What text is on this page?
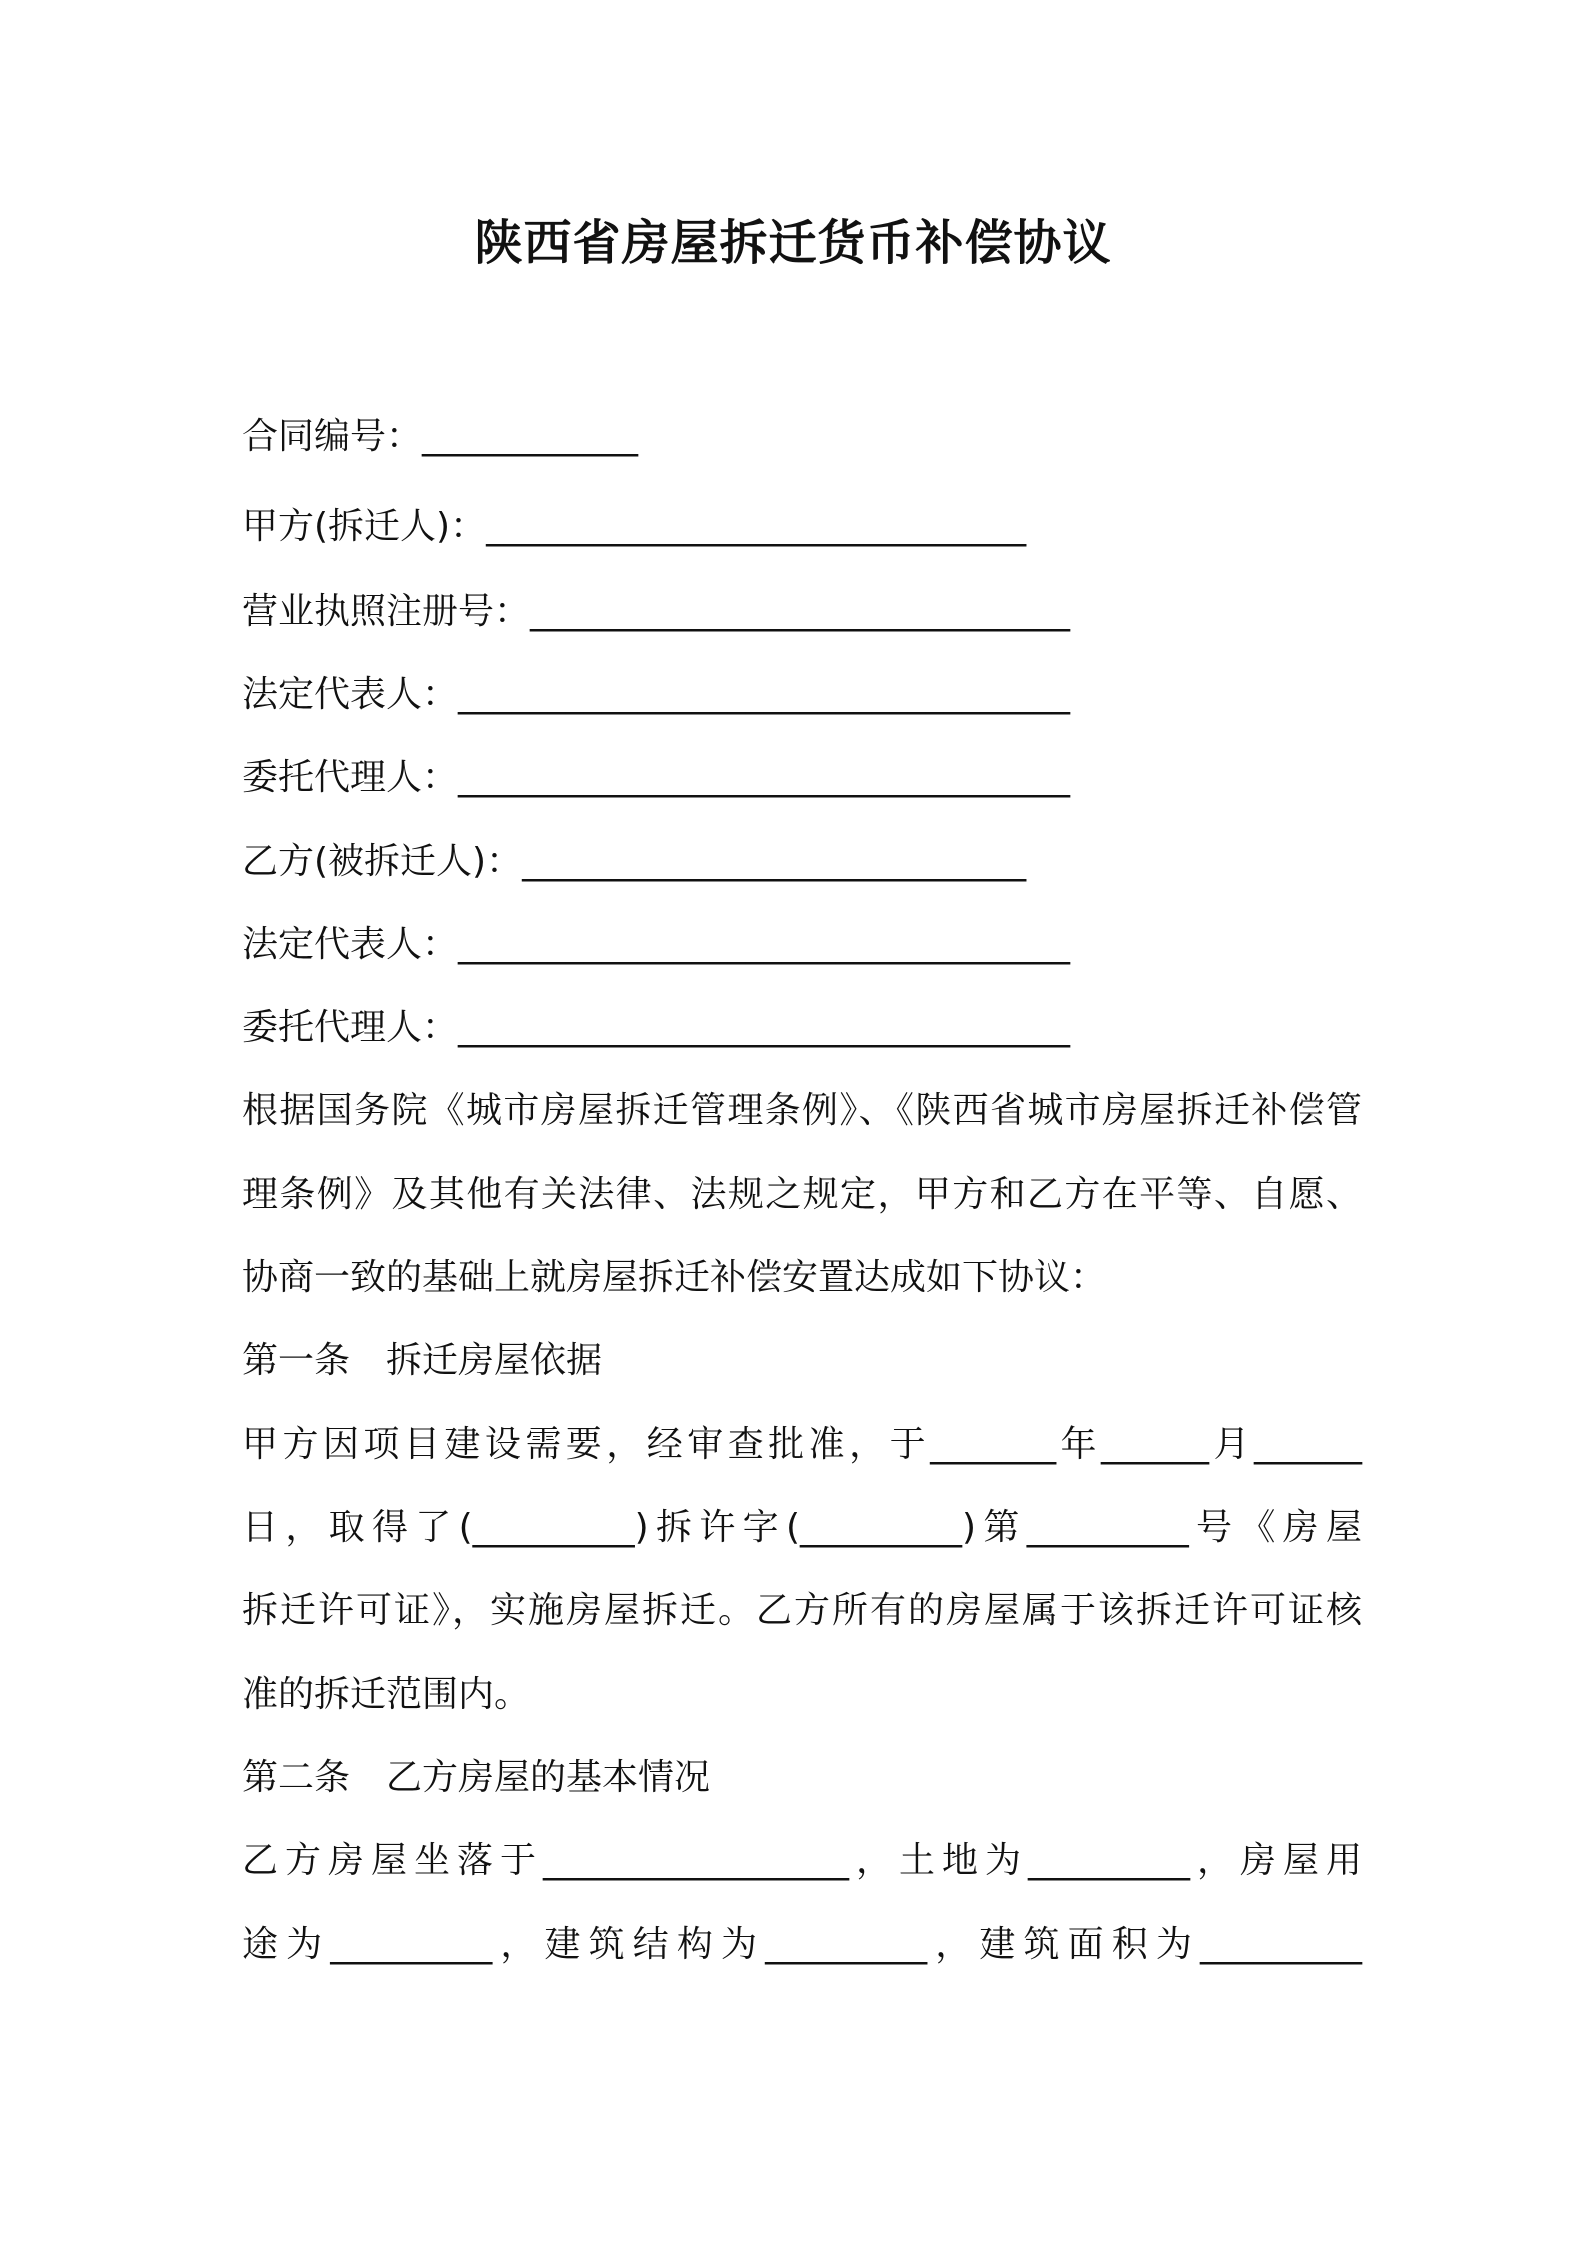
陕西省房屋拆迁货币补偿协议
合同编号：____________
甲方(拆迁人)：______________________________
营业执照注册号：______________________________
法定代表人：__________________________________
委托代理人：__________________________________
乙方(被拆迁人)：____________________________
法定代表人：__________________________________
委托代理人：__________________________________
根据国务院《城市房屋拆迁管理条例》、《陕西省城市房屋拆迁补偿管
理条例》及其他有关法律、法规之规定，甲方和乙方在平等、自愿、
协商一致的基础上就房屋拆迁补偿安置达成如下协议：
第一条　拆迁房屋依据
甲方因项目建设需要，经审查批准，于_______年______月______
日，取得了(_________)拆许字(_________)第_________号《房屋
拆迁许可证》，实施房屋拆迁。乙方所有的房屋属于该拆迁许可证核
准的拆迁范围内。
第二条　乙方房屋的基本情况
乙方房屋坐落于_________________，土地为_________，房屋用
途为_________，建筑结构为_________，建筑面积为_________
